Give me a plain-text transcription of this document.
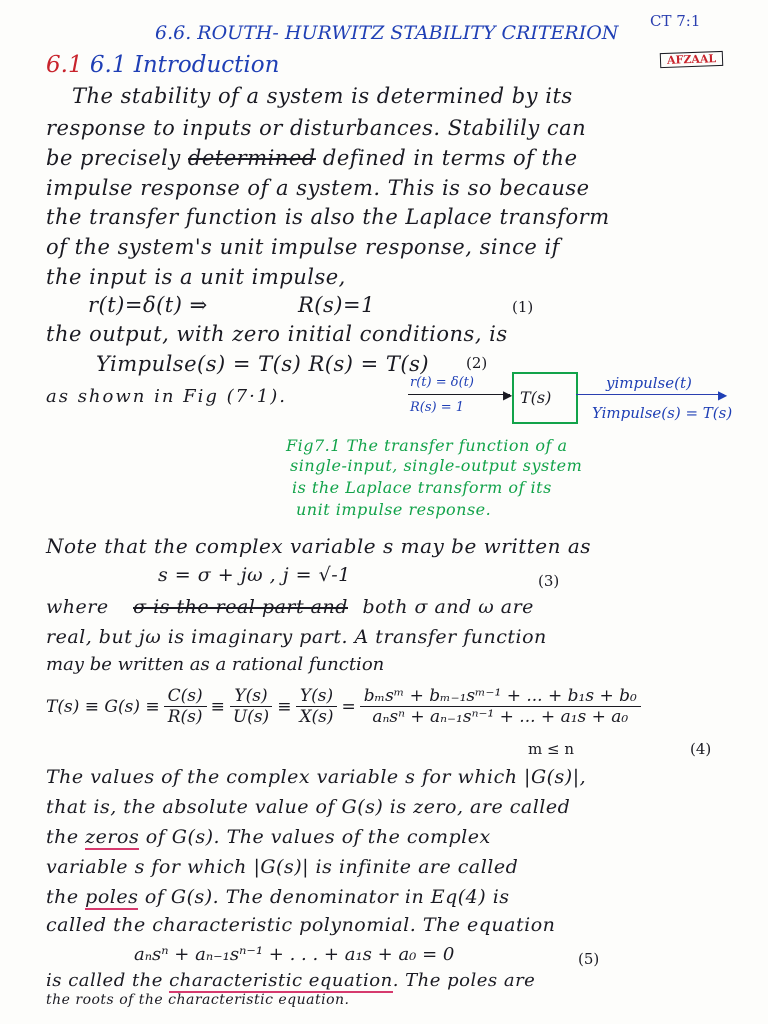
CT 7:1
6.6. ROUTH- HURWITZ STABILITY CRITERION
AFZAAL
6.1 6.1 Introduction
The stability of a system is determined by its
response to inputs or disturbances. Stabilily can
be precisely determined defined in terms of the
impulse response of a system. This is so because
the transfer function is also the Laplace transform
of the system's unit impulse response, since if
the input is a unit impulse,
r(t)=δ(t) ⇒	R(s)=1	(1)
the output, with zero initial conditions, is
Yimpulse(s) = T(s) R(s) = T(s) (2)
as shown in Fig (7·1).
r(t) = δ(t)
▶
R(s) = 1
T(s)	▶
yimpulse(t)
Yimpulse(s) = T(s)
Fig7.1 The transfer function of a
single-input, single-output system
is the Laplace transform of its
unit impulse response.
Note that the complex variable s may be written as
s = σ + jω , j = √-1	(3)
where σ is the real part and both σ and ω are
real, but jω is imaginary part. A transfer function
may be written as a rational function
$T(s) \equiv G(s) \equiv \frac{C(s)}{R(s)} \equiv \frac{Y(s)}{U(s)} \equiv \frac{Y(s)}{X(s)} = \frac{\text{bₘsᵐ + bₘ₋₁sᵐ⁻¹ + ... + b₁s + b₀}}{\text{aₙsⁿ + aₙ₋₁sⁿ⁻¹ + ... + a₁s + a₀}}$
m ≤ n	(4)
The values of the complex variable s for which |G(s)|,
that is, the absolute value of G(s) is zero, are called
the zeros of G(s). The values of the complex
variable s for which |G(s)| is infinite are called
the poles of G(s). The denominator in Eq(4) is
called the characteristic polynomial. The equation
aₙsⁿ + aₙ₋₁sⁿ⁻¹ + . . . + a₁s + a₀ = 0	(5)
is called the characteristic equation. The poles are
the roots of the characteristic equation.
